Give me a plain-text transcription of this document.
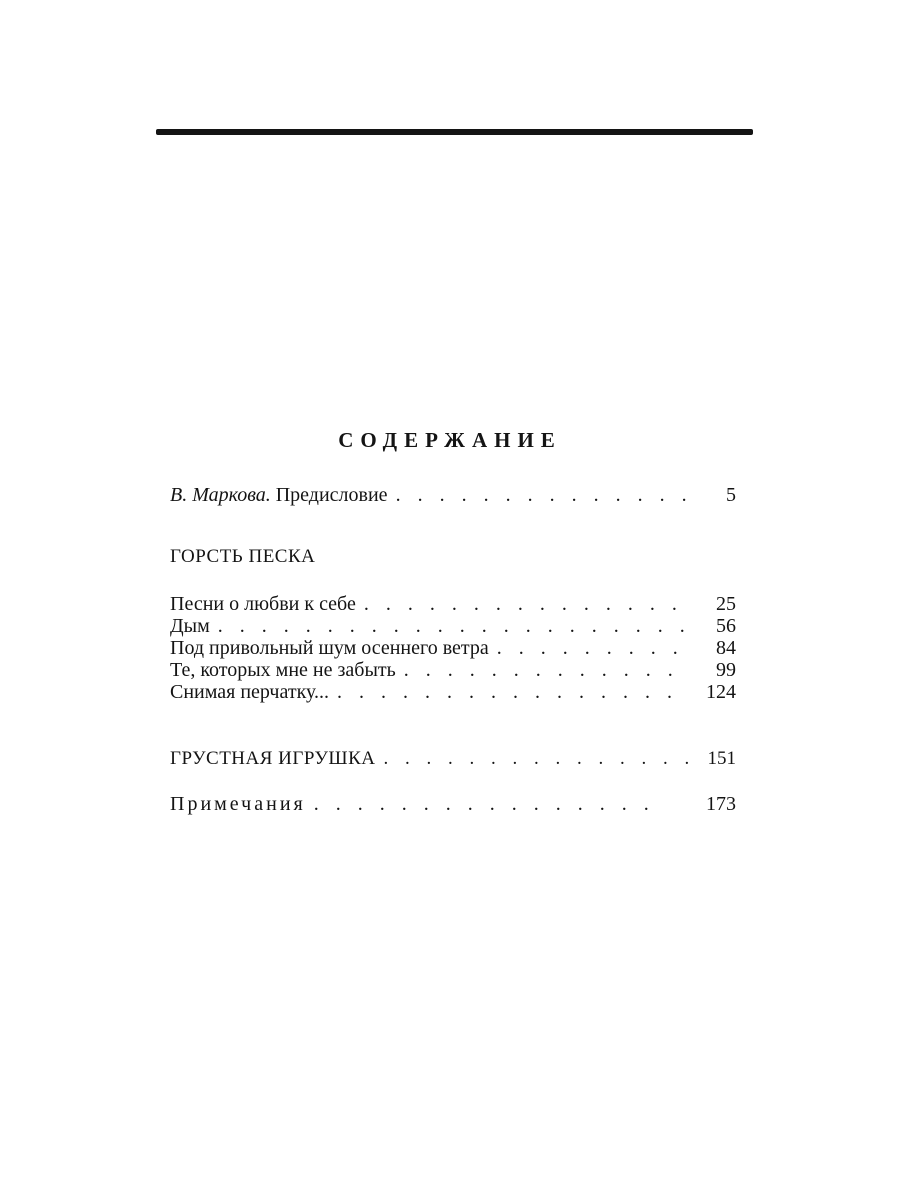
СОДЕРЖАНИЕ
В. Маркова. Предисловие . . .	5
ГОРСТЬ ПЕСКА
Песни о любви к себе . . .	25
Дым . . .	56
Под привольный шум осеннего ветра . . .	84
Те, которых мне не забыть . . .	99
Снимая перчатку... . . .	124
ГРУСТНАЯ ИГРУШКА . . .	151
Примечания . . .	173
